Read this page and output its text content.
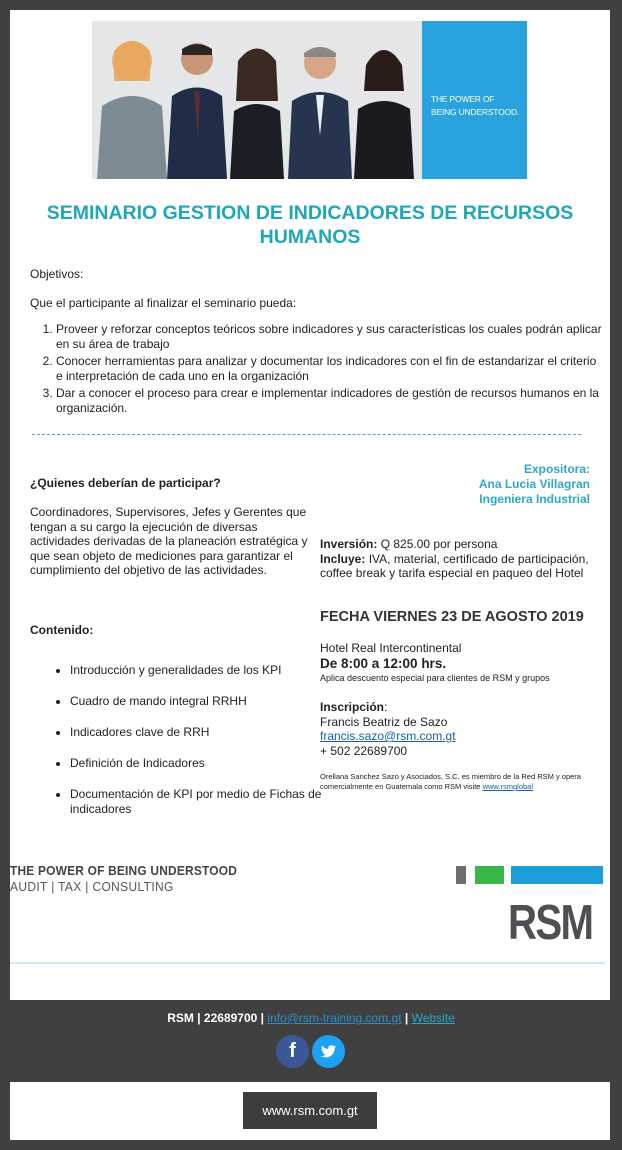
THE POWER OF
BEING UNDERSTOOD.
SEMINARIO GESTION DE INDICADORES DE RECURSOS
HUMANOS
Objetivos:
Que el participante al finalizar el seminario pueda:
1. Proveer y reforzar conceptos teóricos sobre indicadores y sus características los cuales podrán aplicar en su área de trabajo
2. Conocer herramientas para analizar y documentar los indicadores con el fin de estandarizar el criterio e interpretación de cada uno en la organización
3. Dar a conocer el proceso para crear e implementar indicadores de gestión de recursos humanos en la organización.
Expositora:
Ana Lucia Villagran
Ingeniera Industrial
¿Quienes deberían de participar?
Coordinadores, Supervisores, Jefes y Gerentes que tengan a su cargo la ejecución de diversas actividades derivadas de la planeación estratégica y que sean objeto de mediciones para garantizar el cumplimiento del objetivo de las actividades.
Inversión: Q 825.00 por persona
Incluye: IVA, material, certificado de participación, coffee break y tarifa especial en paqueo del Hotel
Contenido:
• Introducción y generalidades de los KPI
• Cuadro de mando integral RRHH
• Indicadores clave de RRH
• Definición de Indicadores
• Documentación de KPI por medio de Fichas de indicadores
FECHA VIERNES 23 DE AGOSTO 2019
Hotel Real Intercontinental
De 8:00 a 12:00 hrs.
Aplica descuento especial para clientes de RSM y grupos
Inscripción:
Francis Beatriz de Sazo
francis.sazo@rsm.com.gt
+ 502 22689700
Orellana Sanchez Sazo y Asociados, S.C. es miembro de la Red RSM y opera comercialmente en Guatemala como RSM visite www.rsmglobal
THE POWER OF BEING UNDERSTOOD
AUDIT | TAX | CONSULTING
RSM
RSM | 22689700 | info@rsm-training.com.gt | Website
f
www.rsm.com.gt
